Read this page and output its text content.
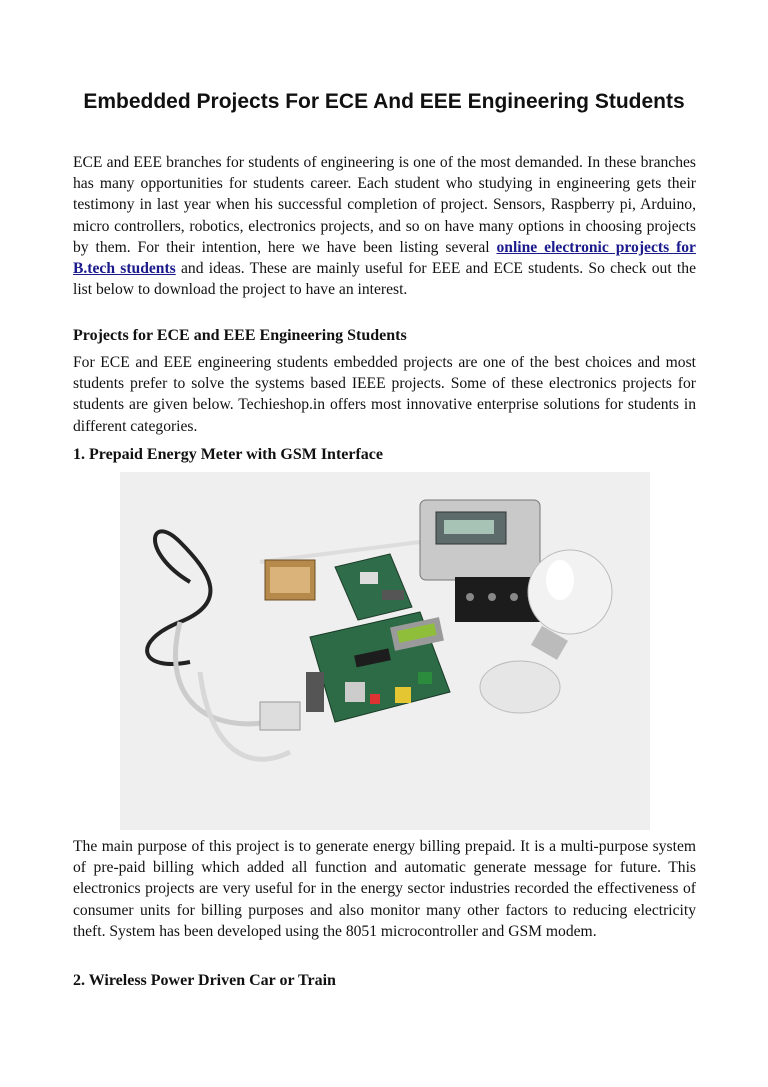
Embedded Projects For ECE And EEE Engineering Students

ECE and EEE branches for students of engineering is one of the most demanded. In these branches has many opportunities for students career. Each student who studying in engineering gets their testimony in last year when his successful completion of project. Sensors, Raspberry pi, Arduino, micro controllers, robotics, electronics projects, and so on have many options in choosing projects by them. For their intention, here we have been listing several online electronic projects for B.tech students and ideas. These are mainly useful for EEE and ECE students. So check out the list below to download the project to have an interest.

Projects for ECE and EEE Engineering Students

For ECE and EEE engineering students embedded projects are one of the best choices and most students prefer to solve the systems based IEEE projects. Some of these electronics projects for students are given below. Techieshop.in offers most innovative enterprise solutions for students in different categories.

1. Prepaid Energy Meter with GSM Interface

The main purpose of this project is to generate energy billing prepaid. It is a multi-purpose system of pre-paid billing which added all function and automatic generate message for future. This electronics projects are very useful for in the energy sector industries recorded the effectiveness of consumer units for billing purposes and also monitor many other factors to reducing electricity theft. System has been developed using the 8051 microcontroller and GSM modem.

2. Wireless Power Driven Car or Train
